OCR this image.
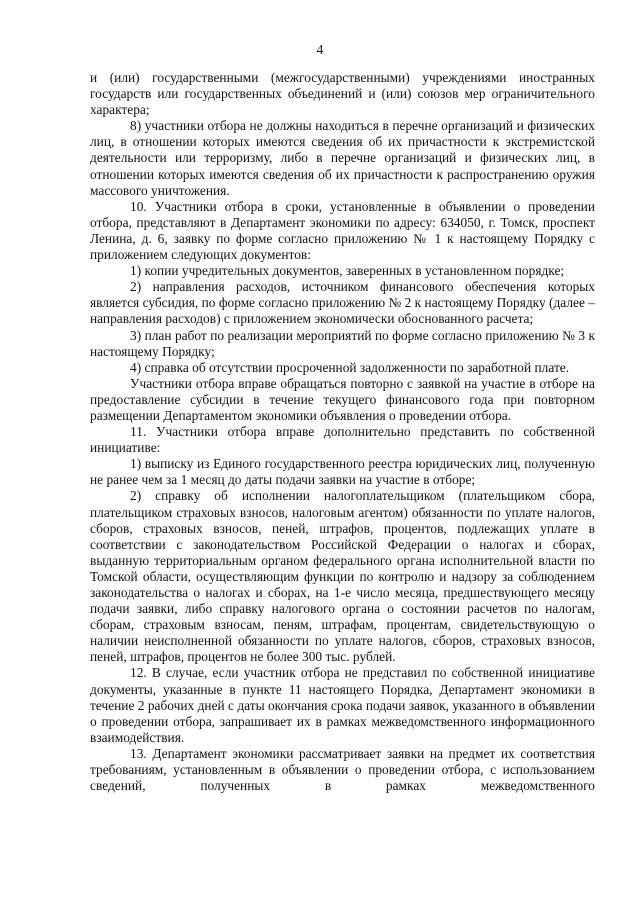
4

и (или) государственными (межгосударственными) учреждениями иностранных государств или государственных объединений и (или) союзов мер ограничительного характера;

8) участники отбора не должны находиться в перечне организаций и физических лиц, в отношении которых имеются сведения об их причастности к экстремистской деятельности или терроризму, либо в перечне организаций и физических лиц, в отношении которых имеются сведения об их причастности к распространению оружия массового уничтожения.

10. Участники отбора в сроки, установленные в объявлении о проведении отбора, представляют в Департамент экономики по адресу: 634050, г. Томск, проспект Ленина, д. 6, заявку по форме согласно приложению № 1 к настоящему Порядку с приложением следующих документов:

1) копии учредительных документов, заверенных в установленном порядке;

2) направления расходов, источником финансового обеспечения которых является субсидия, по форме согласно приложению № 2 к настоящему Порядку (далее – направления расходов) с приложением экономически обоснованного расчета;

3) план работ по реализации мероприятий по форме согласно приложению № 3 к настоящему Порядку;

4) справка об отсутствии просроченной задолженности по заработной плате.

Участники отбора вправе обращаться повторно с заявкой на участие в отборе на предоставление субсидии в течение текущего финансового года при повторном размещении Департаментом экономики объявления о проведении отбора.

11. Участники отбора вправе дополнительно представить по собственной инициативе:

1) выписку из Единого государственного реестра юридических лиц, полученную не ранее чем за 1 месяц до даты подачи заявки на участие в отборе;

2) справку об исполнении налогоплательщиком (плательщиком сбора, плательщиком страховых взносов, налоговым агентом) обязанности по уплате налогов, сборов, страховых взносов, пеней, штрафов, процентов, подлежащих уплате в соответствии с законодательством Российской Федерации о налогах и сборах, выданную территориальным органом федерального органа исполнительной власти по Томской области, осуществляющим функции по контролю и надзору за соблюдением законодательства о налогах и сборах, на 1-е число месяца, предшествующего месяцу подачи заявки, либо справку налогового органа о состоянии расчетов по налогам, сборам, страховым взносам, пеням, штрафам, процентам, свидетельствующую о наличии неисполненной обязанности по уплате налогов, сборов, страховых взносов, пеней, штрафов, процентов не более 300 тыс. рублей.

12. В случае, если участник отбора не представил по собственной инициативе документы, указанные в пункте 11 настоящего Порядка, Департамент экономики в течение 2 рабочих дней с даты окончания срока подачи заявок, указанного в объявлении о проведении отбора, запрашивает их в рамках межведомственного информационного взаимодействия.

13. Департамент экономики рассматривает заявки на предмет их соответствия требованиям, установленным в объявлении о проведении отбора, с использованием сведений, полученных в рамках межведомственного
